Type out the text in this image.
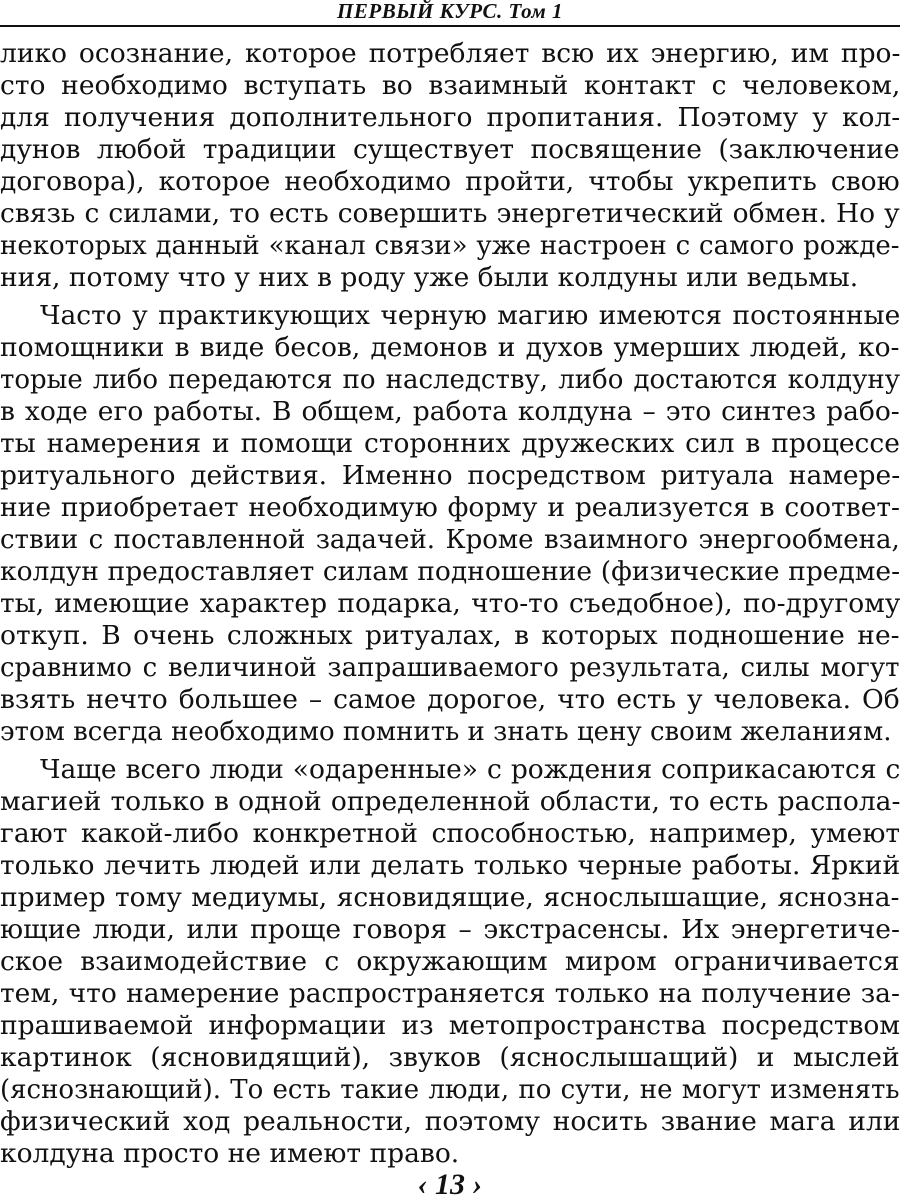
ПЕРВЫЙ КУРС. Том 1
лико осознание, которое потребляет всю их энергию, им про-
сто необходимо вступать во взаимный контакт с человеком,
для получения дополнительного пропитания. Поэтому у кол-
дунов любой традиции существует посвящение (заключение
договора), которое необходимо пройти, чтобы укрепить свою
связь с силами, то есть совершить энергетический обмен. Но у
некоторых данный «канал связи» уже настроен с самого рожде-
ния, потому что у них в роду уже были колдуны или ведьмы.
Часто у практикующих черную магию имеются постоянные
помощники в виде бесов, демонов и духов умерших людей, ко-
торые либо передаются по наследству, либо достаются колдуну
в ходе его работы. В общем, работа колдуна – это синтез рабо-
ты намерения и помощи сторонних дружеских сил в процессе
ритуального действия. Именно посредством ритуала намере-
ние приобретает необходимую форму и реализуется в соответ-
ствии с поставленной задачей. Кроме взаимного энергообмена,
колдун предоставляет силам подношение (физические предме-
ты, имеющие характер подарка, что-то съедобное), по-другому
откуп. В очень сложных ритуалах, в которых подношение не-
сравнимо с величиной запрашиваемого результата, силы могут
взять нечто большее – самое дорогое, что есть у человека. Об
этом всегда необходимо помнить и знать цену своим желаниям.
Чаще всего люди «одаренные» с рождения соприкасаются с
магией только в одной определенной области, то есть распола-
гают какой-либо конкретной способностью, например, умеют
только лечить людей или делать только черные работы. Яркий
пример тому медиумы, ясновидящие, яснослышащие, яснозна-
ющие люди, или проще говоря – экстрасенсы. Их энергетиче-
ское взаимодействие с окружающим миром ограничивается
тем, что намерение распространяется только на получение за-
прашиваемой информации из метопространства посредством
картинок (ясновидящий), звуков (яснослышащий) и мыслей
(яснознающий). То есть такие люди, по сути, не могут изменять
физический ход реальности, поэтому носить звание мага или
колдуна просто не имеют право.
‹ 13 ›
